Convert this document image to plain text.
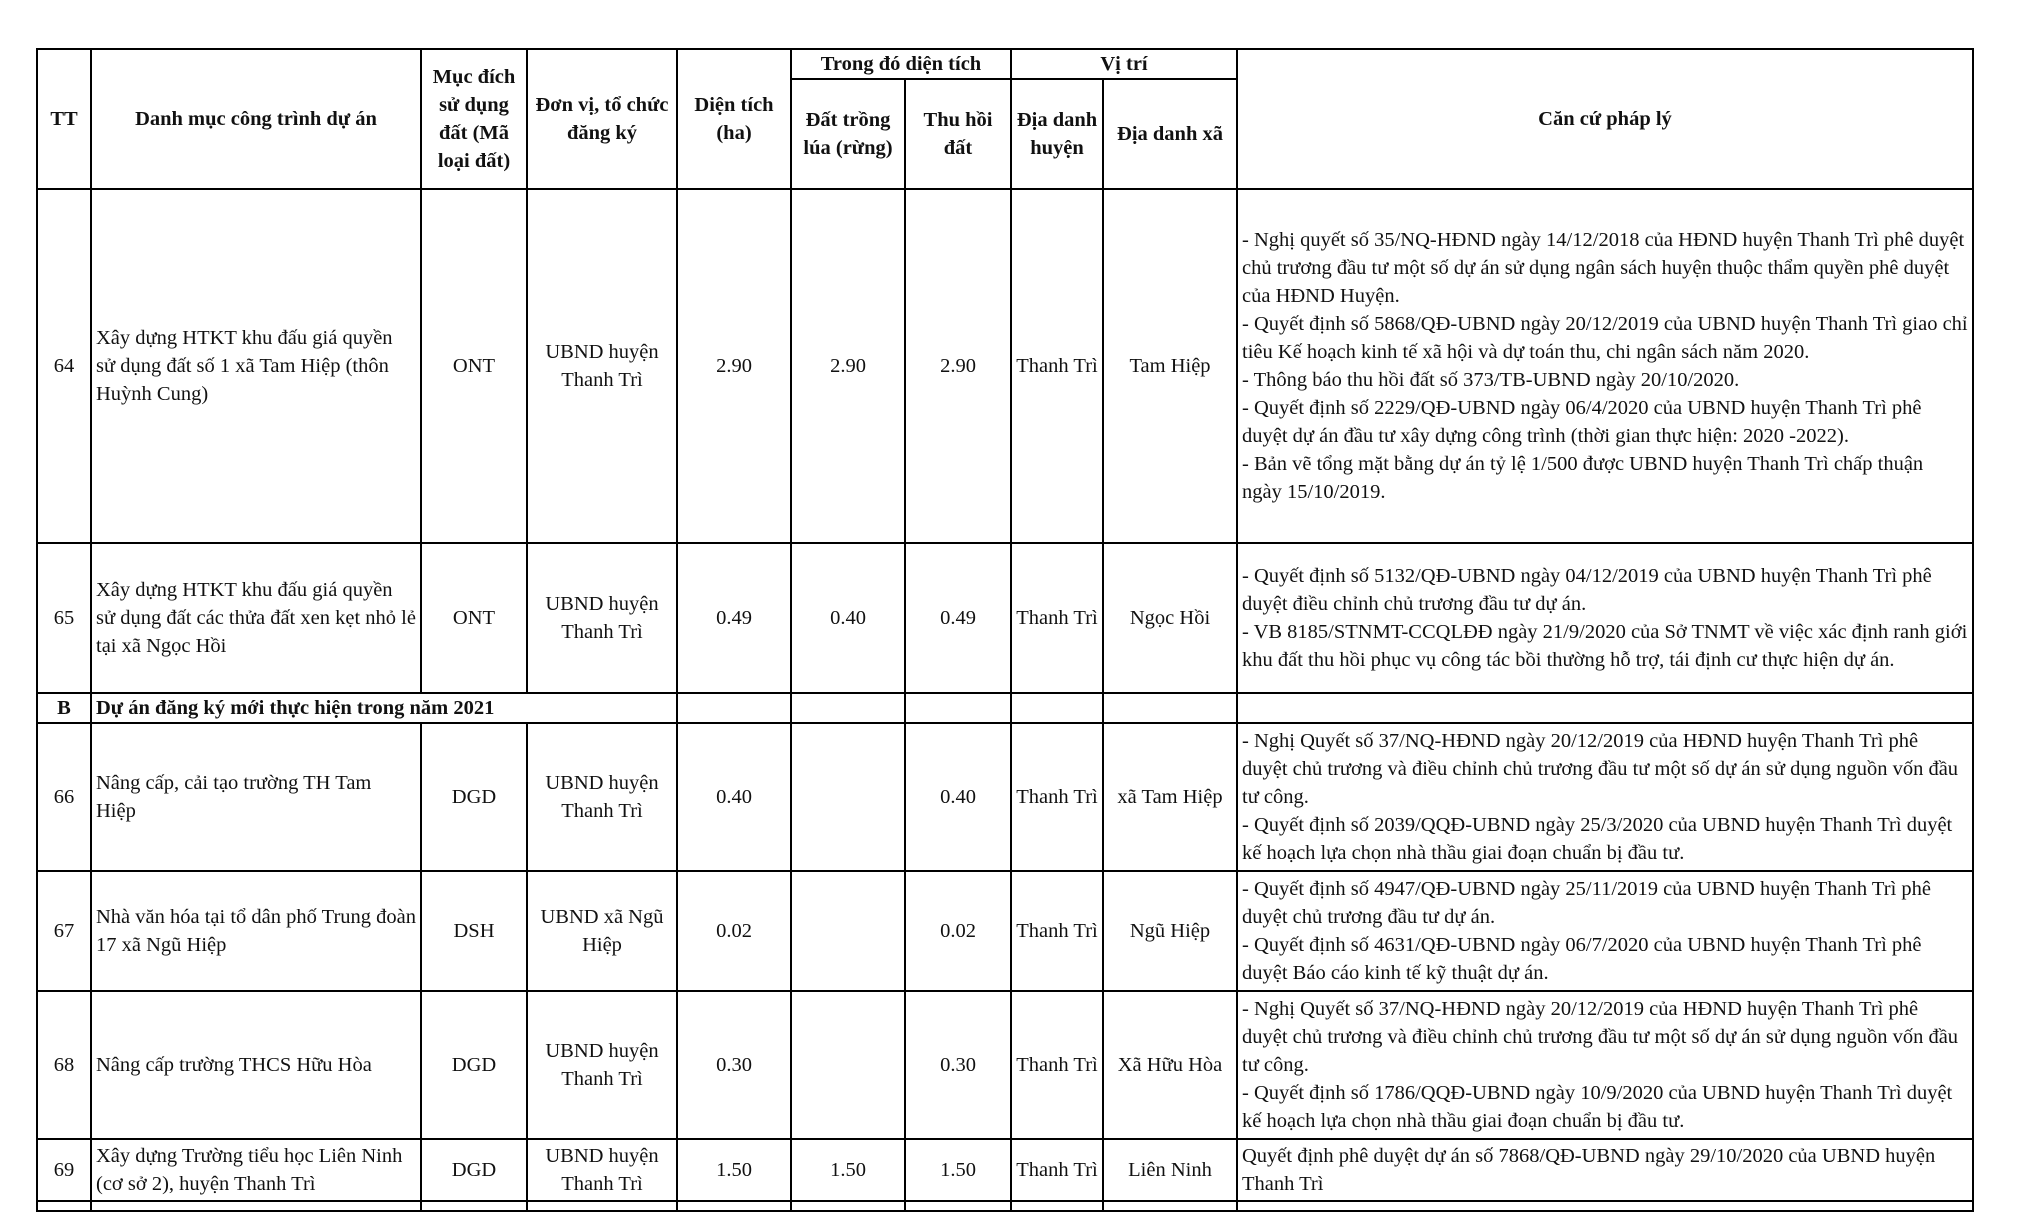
TT	Danh mục công trình dự án	Mục đích sử dụng đất (Mã loại đất)	Đơn vị, tổ chức đăng ký	Diện tích (ha)	Trong đó diện tích		Vị trí		Căn cứ pháp lý
					Đất trồng lúa (rừng)	Thu hồi đất	Địa danh huyện	Địa danh xã	
64	Xây dựng HTKT khu đấu giá quyền sử dụng đất số 1 xã Tam Hiệp (thôn Huỳnh Cung)	ONT	UBND huyện Thanh Trì	2.90	2.90	2.90	Thanh Trì	Tam Hiệp	- Nghị quyết số 35/NQ-HĐND ngày 14/12/2018 của HĐND huyện Thanh Trì phê duyệt chủ trương đầu tư một số dự án sử dụng ngân sách huyện thuộc thẩm quyền phê duyệt của HĐND Huyện.
- Quyết định số 5868/QĐ-UBND ngày 20/12/2019 của UBND huyện Thanh Trì giao chỉ tiêu Kế hoạch kinh tế xã hội và dự toán thu, chi ngân sách năm 2020.
- Thông báo thu hồi đất số 373/TB-UBND ngày 20/10/2020.
- Quyết định số 2229/QĐ-UBND ngày 06/4/2020 của UBND huyện Thanh Trì phê duyệt dự án đầu tư xây dựng công trình (thời gian thực hiện: 2020 -2022).
- Bản vẽ tổng mặt bằng dự án tỷ lệ 1/500 được UBND huyện Thanh Trì chấp thuận ngày 15/10/2019.

65	Xây dựng HTKT khu đấu giá quyền sử dụng đất các thửa đất xen kẹt nhỏ lẻ tại xã Ngọc Hồi	ONT	UBND huyện Thanh Trì	0.49	0.40	0.49	Thanh Trì	Ngọc Hồi	- Quyết định số 5132/QĐ-UBND ngày 04/12/2019 của UBND huyện Thanh Trì phê duyệt điều chỉnh chủ trương đầu tư dự án.
- VB 8185/STNMT-CCQLĐĐ ngày 21/9/2020 của Sở TNMT về việc xác định ranh giới khu đất thu hồi phục vụ công tác bồi thường hỗ trợ, tái định cư thực hiện dự án.

B	Dự án đăng ký mới thực hiện trong năm 2021								
66	Nâng cấp, cải tạo trường TH Tam Hiệp	DGD	UBND huyện Thanh Trì	0.40		0.40	Thanh Trì	xã Tam Hiệp	- Nghị Quyết số 37/NQ-HĐND ngày 20/12/2019 của HĐND huyện Thanh Trì phê duyệt chủ trương và điều chỉnh chủ trương đầu tư một số dự án sử dụng nguồn vốn đầu tư công.
- Quyết định số 2039/QQĐ-UBND ngày 25/3/2020 của UBND huyện Thanh Trì duyệt kế hoạch lựa chọn nhà thầu giai đoạn chuẩn bị đầu tư.

67	Nhà văn hóa tại tổ dân phố Trung đoàn 17 xã Ngũ Hiệp	DSH	UBND xã Ngũ Hiệp	0.02		0.02	Thanh Trì	Ngũ Hiệp	- Quyết định số 4947/QĐ-UBND ngày 25/11/2019 của UBND huyện Thanh Trì phê duyệt chủ trương đầu tư dự án.
- Quyết định số 4631/QĐ-UBND ngày 06/7/2020 của UBND huyện Thanh Trì phê duyệt Báo cáo kinh tế kỹ thuật dự án.

68	Nâng cấp trường THCS Hữu Hòa	DGD	UBND huyện Thanh Trì	0.30		0.30	Thanh Trì	Xã Hữu Hòa	- Nghị Quyết số 37/NQ-HĐND ngày 20/12/2019 của HĐND huyện Thanh Trì phê duyệt chủ trương và điều chỉnh chủ trương đầu tư một số dự án sử dụng nguồn vốn đầu tư công.
- Quyết định số 1786/QQĐ-UBND ngày 10/9/2020 của UBND huyện Thanh Trì duyệt kế hoạch lựa chọn nhà thầu giai đoạn chuẩn bị đầu tư.

69	Xây dựng Trường tiểu học Liên Ninh (cơ sở 2), huyện Thanh Trì	DGD	UBND huyện Thanh Trì	1.50	1.50	1.50	Thanh Trì	Liên Ninh	Quyết định phê duyệt dự án số 7868/QĐ-UBND ngày 29/10/2020 của UBND huyện Thanh Trì
